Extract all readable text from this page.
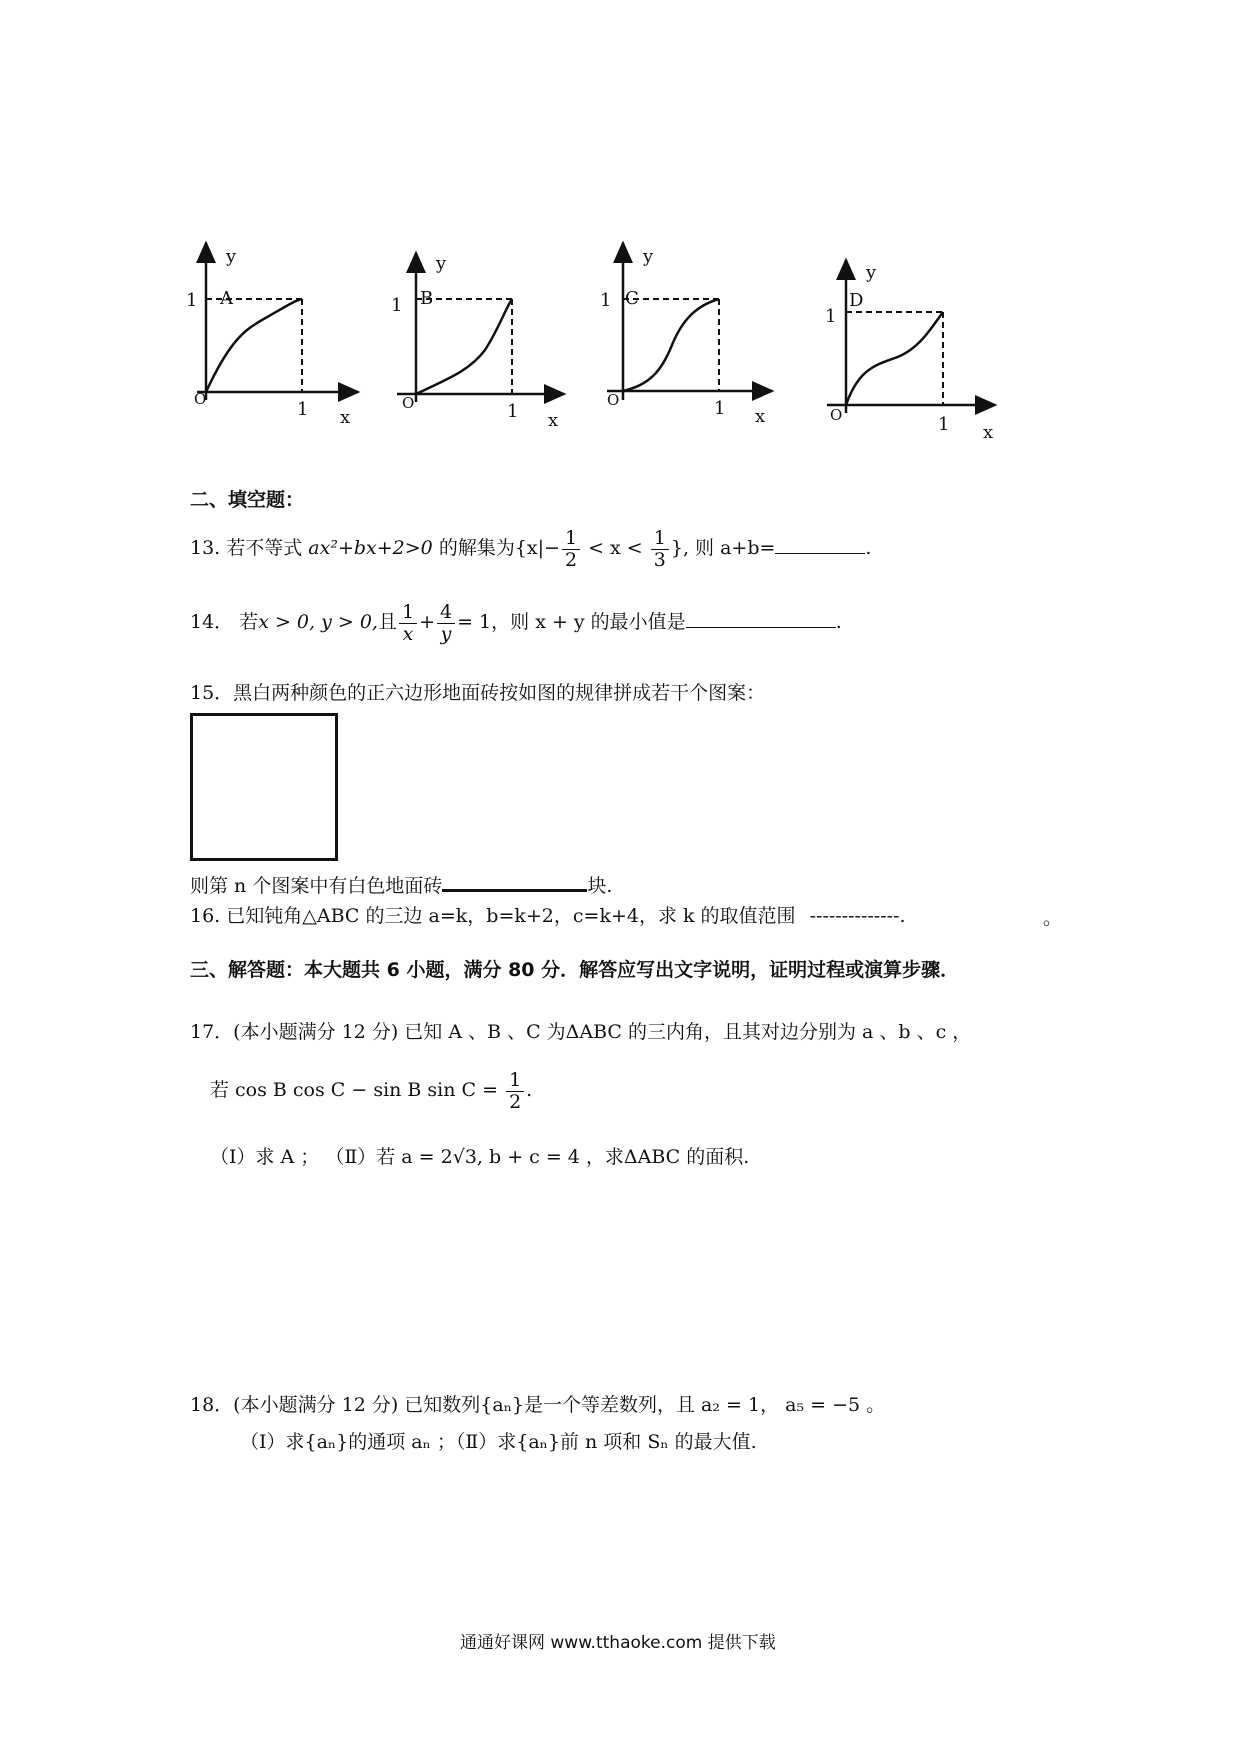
y
1 A
O	1 x
y
1 B
O	1 x
y
1 C
O	1 x
y
1
D
O	1 x
二、填空题：
13. 若不等式 ax²+bx+2>0 的解集为{$x|- \frac{1}{2} < x < \frac{1}{3}$ }, 则 a+b=	.
14． 若x > 0, y > 0,且 $\frac{1}{x} + \frac{4}{y} = 1$，则 x + y 的最小值是	.
15．黑白两种颜色的正六边形地面砖按如图的规律拼成若干个图案：
则第 n 个图案中有白色地面砖	块.
16. 已知钝角△ABC 的三边 a=k，b=k+2，c=k+4，求 k 的取值范围 --------------.	。
三、解答题：本大题共 6 小题，满分 80 分．解答应写出文字说明，证明过程或演算步骤．
17．(本小题满分 12 分) 已知 A 、B 、C 为ΔABC 的三内角，且其对边分别为 a 、b 、c ，
若 cos B cos C − sin B $\sin C = \frac{1}{2}$ .
（Ⅰ）求 A ； （Ⅱ）若 a = 2√3, b + c = 4 ，求ΔABC 的面积.
18．(本小题满分 12 分) 已知数列{aₙ}是一个等差数列，且 a₂ = 1， a₅ = −5 。
（Ⅰ）求{aₙ}的通项 aₙ ；（Ⅱ）求{aₙ}前 n 项和 Sₙ 的最大值.
通通好课网 www.tthaoke.com 提供下载
